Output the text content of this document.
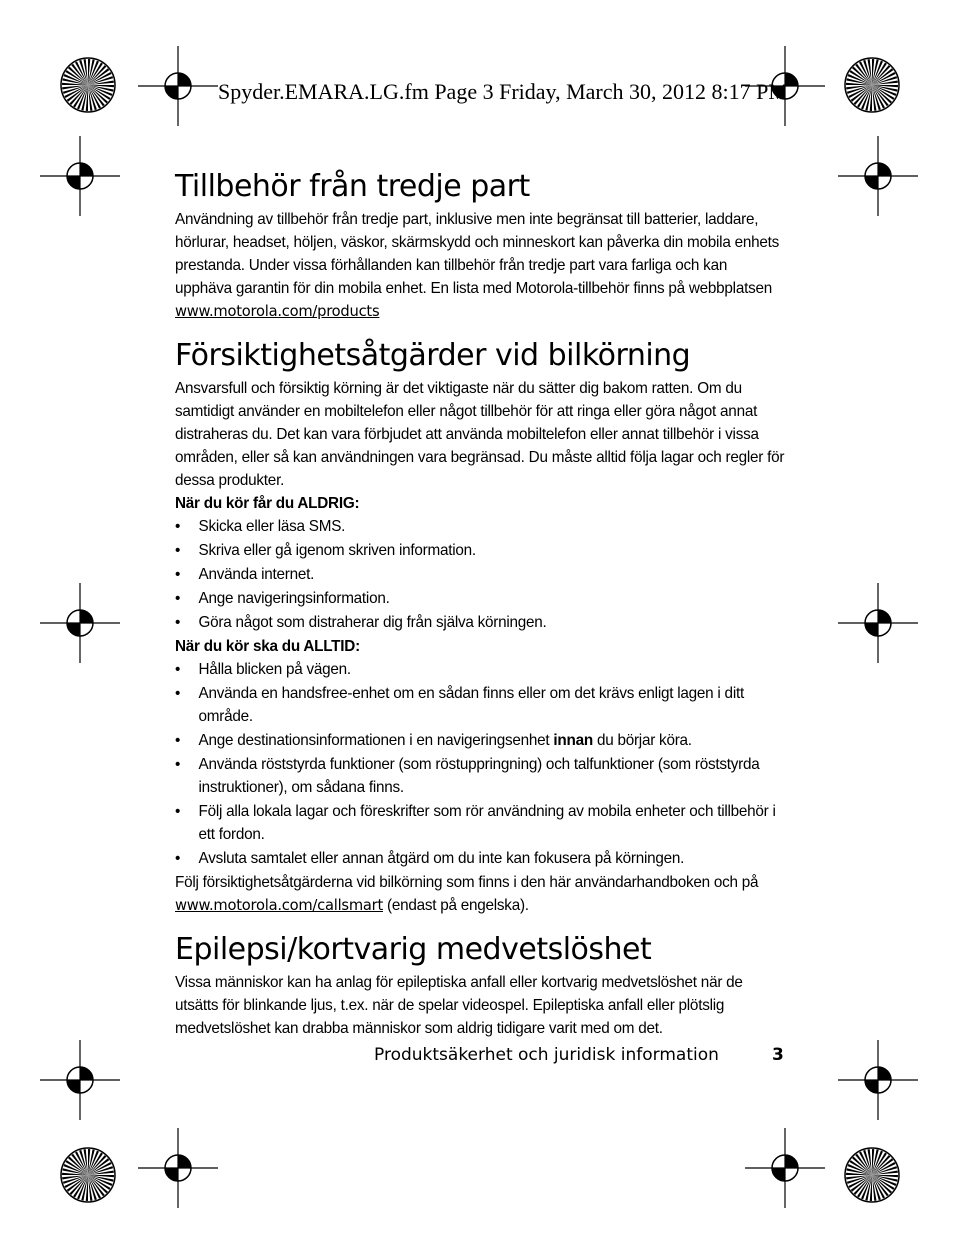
Spyder.EMARA.LG.fm Page 3 Friday, March 30, 2012 8:17 PM
Tillbehör från tredje part

Användning av tillbehör från tredje part, inklusive men inte begränsat till batterier, laddare, hörlurar, headset, höljen, väskor, skärmskydd och minneskort kan påverka din mobila enhets prestanda. Under vissa förhållanden kan tillbehör från tredje part vara farliga och kan upphäva garantin för din mobila enhet. En lista med Motorola-tillbehör finns på webbplatsen
www.motorola.com/products

Försiktighetsåtgärder vid bilkörning

Ansvarsfull och försiktig körning är det viktigaste när du sätter dig bakom ratten. Om du samtidigt använder en mobiltelefon eller något tillbehör för att ringa eller göra något annat distraheras du. Det kan vara förbjudet att använda mobiltelefon eller annat tillbehör i vissa områden, eller så kan användningen vara begränsad. Du måste alltid följa lagar och regler för dessa produkter.

När du kör får du ALDRIG:
• Skicka eller läsa SMS.
• Skriva eller gå igenom skriven information.
• Använda internet.
• Ange navigeringsinformation.
• Göra något som distraherar dig från själva körningen.
När du kör ska du ALLTID:
• Hålla blicken på vägen.
• Använda en handsfree-enhet om en sådan finns eller om det krävs enligt lagen i ditt område.
• Ange destinationsinformationen i en navigeringsenhet innan du börjar köra.
• Använda röststyrda funktioner (som röstuppringning) och talfunktioner (som röststyrda instruktioner), om sådana finns.
• Följ alla lokala lagar och föreskrifter som rör användning av mobila enheter och tillbehör i ett fordon.
• Avsluta samtalet eller annan åtgärd om du inte kan fokusera på körningen.

Följ försiktighetsåtgärderna vid bilkörning som finns i den här användarhandboken och på
www.motorola.com/callsmart (endast på engelska).

Epilepsi/kortvarig medvetslöshet

Vissa människor kan ha anlag för epileptiska anfall eller kortvarig medvetslöshet när de utsätts för blinkande ljus, t.ex. när de spelar videospel. Epileptiska anfall eller plötslig medvetslöshet kan drabba människor som aldrig tidigare varit med om det.

Produktsäkerhet och juridisk information	3
